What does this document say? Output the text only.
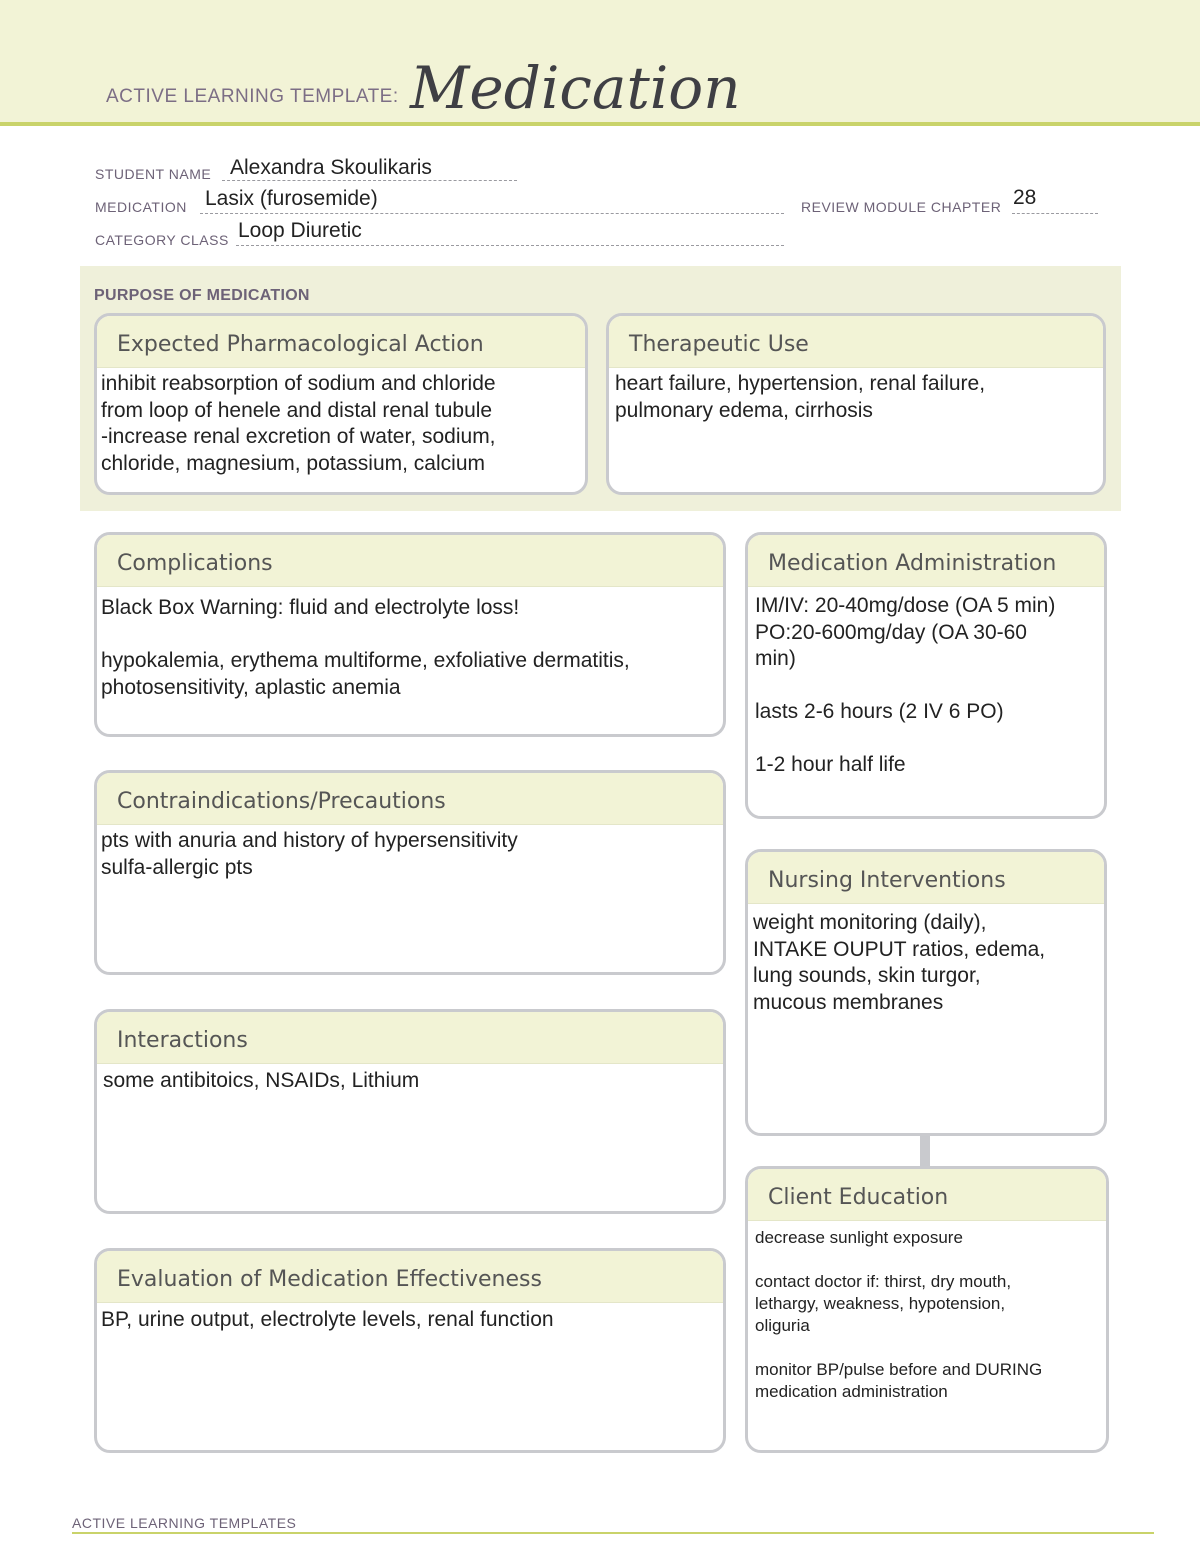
ACTIVE LEARNING TEMPLATE: Medication
STUDENT NAME Alexandra Skoulikaris
MEDICATION Lasix (furosemide)	REVIEW MODULE CHAPTER 28
CATEGORY CLASS Loop Diuretic
PURPOSE OF MEDICATION
Expected Pharmacological Action
inhibit reabsorption of sodium and chloride
from loop of henele and distal renal tubule
-increase renal excretion of water, sodium,
chloride, magnesium, potassium, calcium
Therapeutic Use
heart failure, hypertension, renal failure,
pulmonary edema, cirrhosis
Complications
Black Box Warning: fluid and electrolyte loss!

hypokalemia, erythema multiforme, exfoliative dermatitis,
photosensitivity, aplastic anemia
Contraindications/Precautions
pts with anuria and history of hypersensitivity
sulfa-allergic pts
Interactions
some antibitoics, NSAIDs, Lithium
Evaluation of Medication Effectiveness
BP, urine output, electrolyte levels, renal function
Medication Administration
IM/IV: 20-40mg/dose (OA 5 min)
PO:20-600mg/day (OA 30-60
min)

lasts 2-6 hours (2 IV 6 PO)

1-2 hour half life
Nursing Interventions
weight monitoring (daily),
INTAKE OUPUT ratios, edema,
lung sounds, skin turgor,
mucous membranes
Client Education
decrease sunlight exposure

contact doctor if: thirst, dry mouth,
lethargy, weakness, hypotension,
oliguria

monitor BP/pulse before and DURING
medication administration
ACTIVE LEARNING TEMPLATES
